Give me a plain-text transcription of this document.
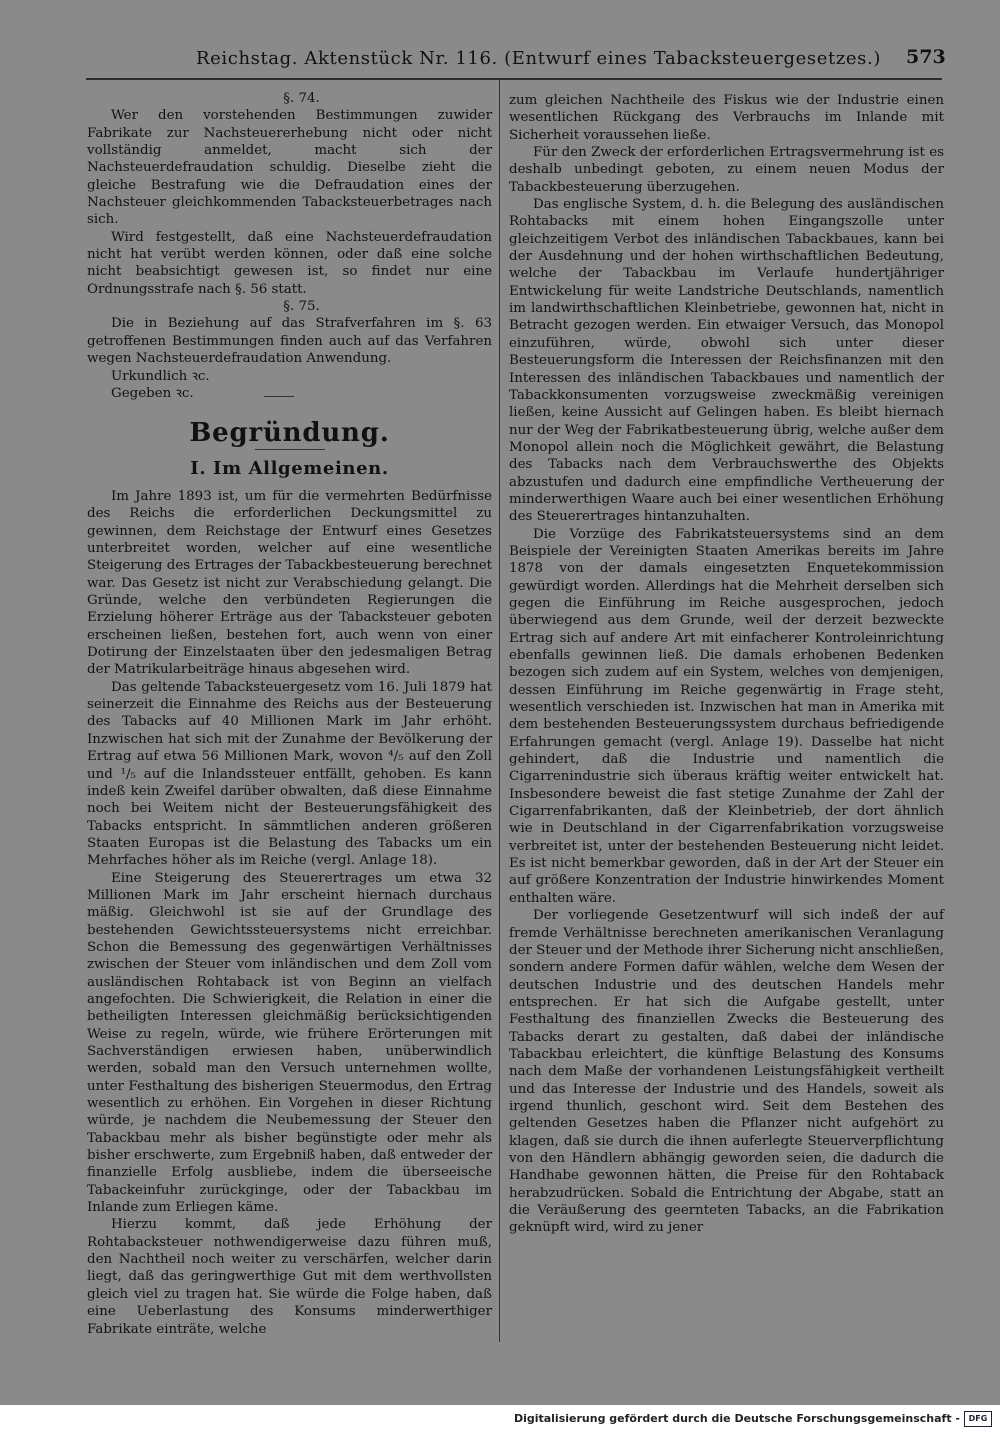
Reichstag. Aktenstück Nr. 116. (Entwurf eines Tabacksteuergesetzes.) 573

§. 74.

Wer den vorstehenden Bestimmungen zuwider Fabrikate zur Nachsteuererhebung nicht oder nicht vollständig anmeldet, macht sich der Nachsteuerdefraudation schuldig. Dieselbe zieht die gleiche Bestrafung wie die Defraudation eines der Nachsteuer gleichkommenden Tabacksteuerbetrages nach sich.

Wird festgestellt, daß eine Nachsteuerdefraudation nicht hat verübt werden können, oder daß eine solche nicht beabsichtigt gewesen ist, so findet nur eine Ordnungsstrafe nach §. 56 statt.

§. 75.

Die in Beziehung auf das Strafverfahren im §. 63 getroffenen Bestimmungen finden auch auf das Verfahren wegen Nachsteuerdefraudation Anwendung.

Urkundlich ꝛc.

Gegeben ꝛc.

Begründung.
I. Im Allgemeinen.

Im Jahre 1893 ist, um für die vermehrten Bedürfnisse des Reichs die erforderlichen Deckungsmittel zu gewinnen, dem Reichstage der Entwurf eines Gesetzes unterbreitet worden, welcher auf eine wesentliche Steigerung des Ertrages der Tabackbesteuerung berechnet war. Das Gesetz ist nicht zur Verabschiedung gelangt. Die Gründe, welche den verbündeten Regierungen die Erzielung höherer Erträge aus der Tabacksteuer geboten erscheinen ließen, bestehen fort, auch wenn von einer Dotirung der Einzelstaaten über den jedesmaligen Betrag der Matrikularbeiträge hinaus abgesehen wird.

Das geltende Tabacksteuergesetz vom 16. Juli 1879 hat seinerzeit die Einnahme des Reichs aus der Besteuerung des Tabacks auf 40 Millionen Mark im Jahr erhöht. Inzwischen hat sich mit der Zunahme der Bevölkerung der Ertrag auf etwa 56 Millionen Mark, wovon ⁴/₅ auf den Zoll und ¹/₅ auf die Inlandssteuer entfällt, gehoben. Es kann indeß kein Zweifel darüber obwalten, daß diese Einnahme noch bei Weitem nicht der Besteuerungsfähigkeit des Tabacks entspricht. In sämmtlichen anderen größeren Staaten Europas ist die Belastung des Tabacks um ein Mehrfaches höher als im Reiche (vergl. Anlage 18).

Eine Steigerung des Steuerertrages um etwa 32 Millionen Mark im Jahr erscheint hiernach durchaus mäßig. Gleichwohl ist sie auf der Grundlage des bestehenden Gewichtssteuersystems nicht erreichbar. Schon die Bemessung des gegenwärtigen Verhältnisses zwischen der Steuer vom inländischen und dem Zoll vom ausländischen Rohtaback ist von Beginn an vielfach angefochten. Die Schwierigkeit, die Relation in einer die betheiligten Interessen gleichmäßig berücksichtigenden Weise zu regeln, würde, wie frühere Erörterungen mit Sachverständigen erwiesen haben, unüberwindlich werden, sobald man den Versuch unternehmen wollte, unter Festhaltung des bisherigen Steuermodus, den Ertrag wesentlich zu erhöhen. Ein Vorgehen in dieser Richtung würde, je nachdem die Neubemessung der Steuer den Tabackbau mehr als bisher begünstigte oder mehr als bisher erschwerte, zum Ergebniß haben, daß entweder der finanzielle Erfolg ausbliebe, indem die überseeische Tabackeinfuhr zurückginge, oder der Tabackbau im Inlande zum Erliegen käme.

Hierzu kommt, daß jede Erhöhung der Rohtabacksteuer nothwendigerweise dazu führen muß, den Nachtheil noch weiter zu verschärfen, welcher darin liegt, daß das geringwerthige Gut mit dem werthvollsten gleich viel zu tragen hat. Sie würde die Folge haben, daß eine Ueberlastung des Konsums minderwerthiger Fabrikate einträte, welche

zum gleichen Nachtheile des Fiskus wie der Industrie einen wesentlichen Rückgang des Verbrauchs im Inlande mit Sicherheit voraussehen ließe.

Für den Zweck der erforderlichen Ertragsvermehrung ist es deshalb unbedingt geboten, zu einem neuen Modus der Tabackbesteuerung überzugehen.

Das englische System, d. h. die Belegung des ausländischen Rohtabacks mit einem hohen Eingangszolle unter gleichzeitigem Verbot des inländischen Tabackbaues, kann bei der Ausdehnung und der hohen wirthschaftlichen Bedeutung, welche der Tabackbau im Verlaufe hundertjähriger Entwickelung für weite Landstriche Deutschlands, namentlich im landwirthschaftlichen Kleinbetriebe, gewonnen hat, nicht in Betracht gezogen werden. Ein etwaiger Versuch, das Monopol einzuführen, würde, obwohl sich unter dieser Besteuerungsform die Interessen der Reichsfinanzen mit den Interessen des inländischen Tabackbaues und namentlich der Tabackkonsumenten vorzugsweise zweckmäßig vereinigen ließen, keine Aussicht auf Gelingen haben. Es bleibt hiernach nur der Weg der Fabrikatbesteuerung übrig, welche außer dem Monopol allein noch die Möglichkeit gewährt, die Belastung des Tabacks nach dem Verbrauchswerthe des Objekts abzustufen und dadurch eine empfindliche Vertheuerung der minderwerthigen Waare auch bei einer wesentlichen Erhöhung des Steuerertrages hintanzuhalten.

Die Vorzüge des Fabrikatsteuersystems sind an dem Beispiele der Vereinigten Staaten Amerikas bereits im Jahre 1878 von der damals eingesetzten Enquetekommission gewürdigt worden. Allerdings hat die Mehrheit derselben sich gegen die Einführung im Reiche ausgesprochen, jedoch überwiegend aus dem Grunde, weil der derzeit bezweckte Ertrag sich auf andere Art mit einfacherer Kontroleinrichtung ebenfalls gewinnen ließ. Die damals erhobenen Bedenken bezogen sich zudem auf ein System, welches von demjenigen, dessen Einführung im Reiche gegenwärtig in Frage steht, wesentlich verschieden ist. Inzwischen hat man in Amerika mit dem bestehenden Besteuerungssystem durchaus befriedigende Erfahrungen gemacht (vergl. Anlage 19). Dasselbe hat nicht gehindert, daß die Industrie und namentlich die Cigarrenindustrie sich überaus kräftig weiter entwickelt hat. Insbesondere beweist die fast stetige Zunahme der Zahl der Cigarrenfabrikanten, daß der Kleinbetrieb, der dort ähnlich wie in Deutschland in der Cigarrenfabrikation vorzugsweise verbreitet ist, unter der bestehenden Besteuerung nicht leidet. Es ist nicht bemerkbar geworden, daß in der Art der Steuer ein auf größere Konzentration der Industrie hinwirkendes Moment enthalten wäre.

Der vorliegende Gesetzentwurf will sich indeß der auf fremde Verhältnisse berechneten amerikanischen Veranlagung der Steuer und der Methode ihrer Sicherung nicht anschließen, sondern andere Formen dafür wählen, welche dem Wesen der deutschen Industrie und des deutschen Handels mehr entsprechen. Er hat sich die Aufgabe gestellt, unter Festhaltung des finanziellen Zwecks die Besteuerung des Tabacks derart zu gestalten, daß dabei der inländische Tabackbau erleichtert, die künftige Belastung des Konsums nach dem Maße der vorhandenen Leistungsfähigkeit vertheilt und das Interesse der Industrie und des Handels, soweit als irgend thunlich, geschont wird. Seit dem Bestehen des geltenden Gesetzes haben die Pflanzer nicht aufgehört zu klagen, daß sie durch die ihnen auferlegte Steuerverpflichtung von den Händlern abhängig geworden seien, die dadurch die Handhabe gewonnen hätten, die Preise für den Rohtaback herabzudrücken. Sobald die Entrichtung der Abgabe, statt an die Veräußerung des geernteten Tabacks, an die Fabrikation geknüpft wird, wird zu jener

Digitalisierung gefördert durch die Deutsche Forschungsgemeinschaft -	DFG
